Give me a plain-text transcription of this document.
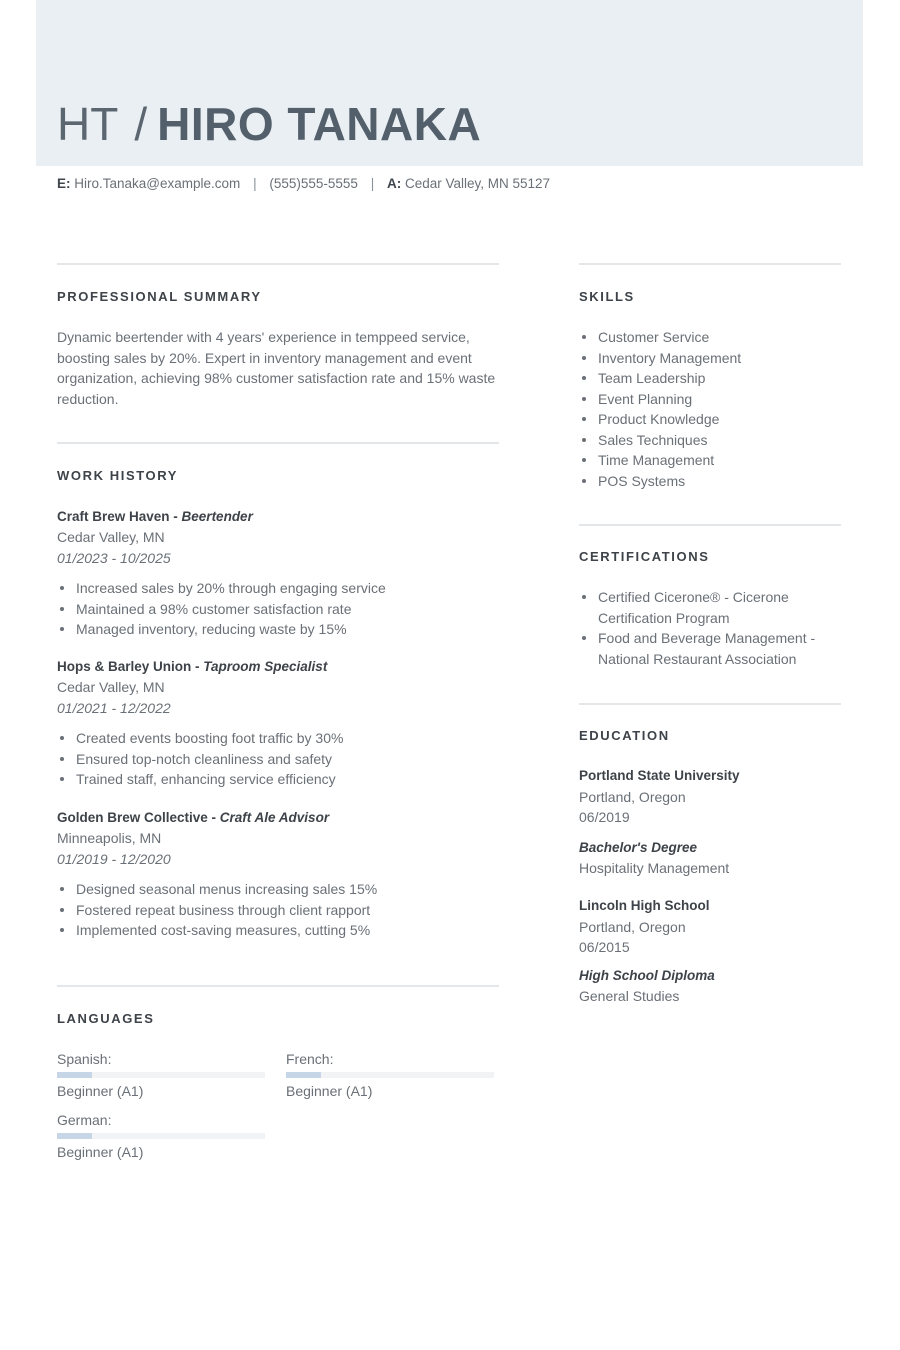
HT / HIRO TANAKA
E: Hiro.Tanaka@example.com | (555)555-5555 | A: Cedar Valley, MN 55127
PROFESSIONAL SUMMARY
Dynamic beertender with 4 years' experience in temppeed service, boosting sales by 20%. Expert in inventory management and event organization, achieving 98% customer satisfaction rate and 15% waste reduction.
WORK HISTORY
Craft Brew Haven - Beertender
Cedar Valley, MN
01/2023 - 10/2025
Increased sales by 20% through engaging service
Maintained a 98% customer satisfaction rate
Managed inventory, reducing waste by 15%
Hops & Barley Union - Taproom Specialist
Cedar Valley, MN
01/2021 - 12/2022
Created events boosting foot traffic by 30%
Ensured top-notch cleanliness and safety
Trained staff, enhancing service efficiency
Golden Brew Collective - Craft Ale Advisor
Minneapolis, MN
01/2019 - 12/2020
Designed seasonal menus increasing sales 15%
Fostered repeat business through client rapport
Implemented cost-saving measures, cutting 5%
LANGUAGES
Spanish:
Beginner (A1)
French:
Beginner (A1)
German:
Beginner (A1)
SKILLS
Customer Service
Inventory Management
Team Leadership
Event Planning
Product Knowledge
Sales Techniques
Time Management
POS Systems
CERTIFICATIONS
Certified Cicerone® - Cicerone Certification Program
Food and Beverage Management - National Restaurant Association
EDUCATION
Portland State University
Portland, Oregon
06/2019
Bachelor's Degree
Hospitality Management
Lincoln High School
Portland, Oregon
06/2015
High School Diploma
General Studies
